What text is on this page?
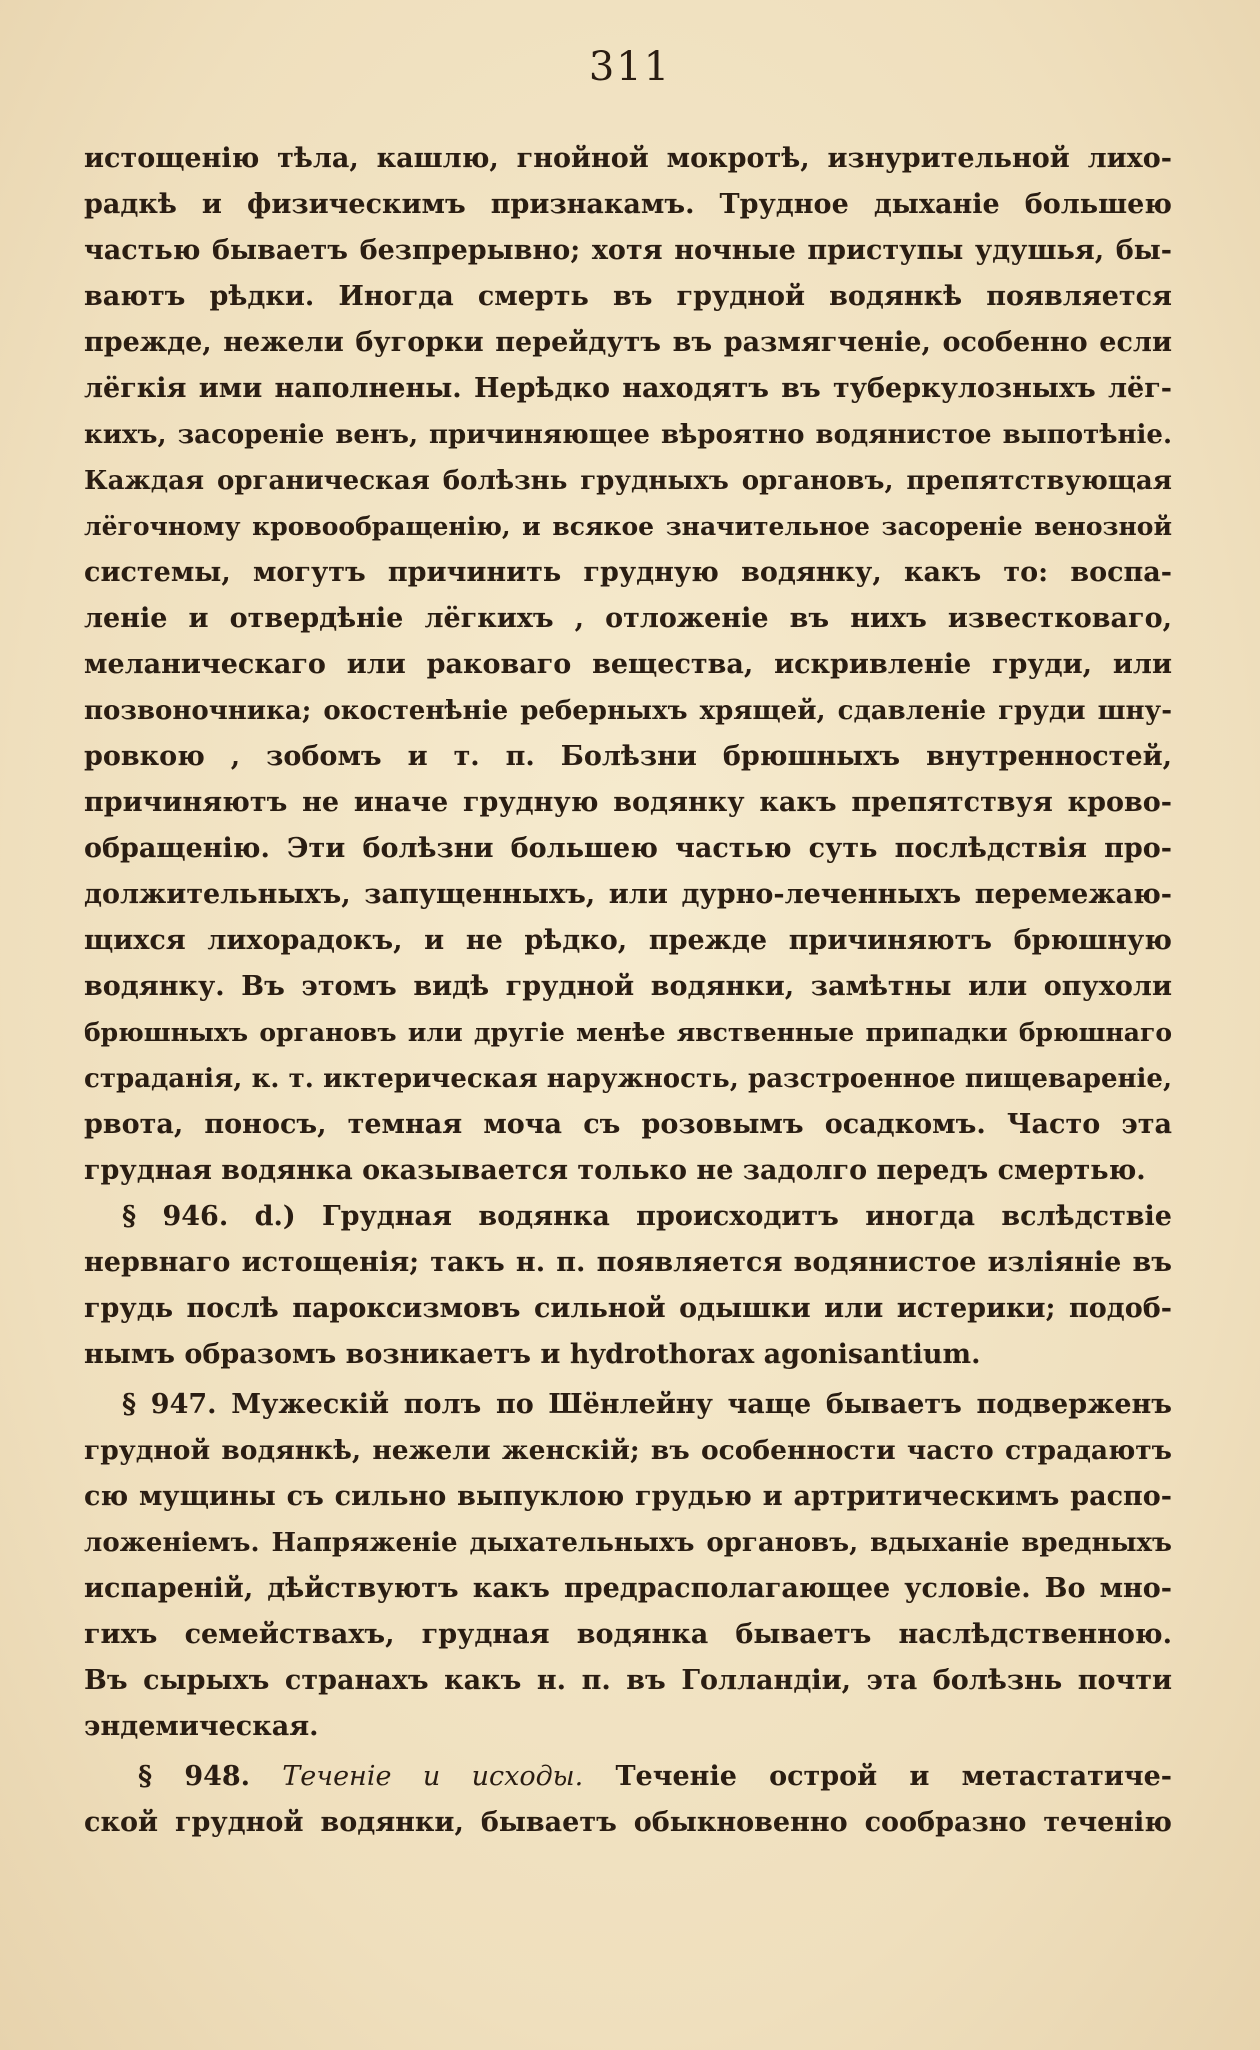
311
истощенію тѣла, кашлю, гнойной мокротѣ, изнурительной лихо-
радкѣ и физическимъ признакамъ. Трудное дыханіе большею
частью бываетъ безпрерывно; хотя ночные приступы удушья, бы-
ваютъ рѣдки. Иногда смерть въ грудной водянкѣ появляется
прежде, нежели бугорки перейдутъ въ размягченіе, особенно если
лёгкія ими наполнены. Нерѣдко находятъ въ туберкулозныхъ лёг-
кихъ, засореніе венъ, причиняющее вѣроятно водянистое выпотѣніе.
Каждая органическая болѣзнь грудныхъ органовъ, препятствующая
лёгочному кровообращенію, и всякое значительное засореніе венозной
системы, могутъ причинить грудную водянку, какъ то: воспа-
леніе и отвердѣніе лёгкихъ , отложеніе въ нихъ известковаго,
меланическаго или раковаго вещества, искривленіе груди, или
позвоночника; окостенѣніе реберныхъ хрящей, сдавленіе груди шну-
ровкою , зобомъ и т. п. Болѣзни брюшныхъ внутренностей,
причиняютъ не иначе грудную водянку какъ препятствуя крово-
обращенію. Эти болѣзни большею частью суть послѣдствія про-
должительныхъ, запущенныхъ, или дурно-леченныхъ перемежаю-
щихся лихорадокъ, и не рѣдко, прежде причиняютъ брюшную
водянку. Въ этомъ видѣ грудной водянки, замѣтны или опухоли
брюшныхъ органовъ или другіе менѣе явственные припадки брюшнаго
страданія, к. т. иктерическая наружность, разстроенное пищевареніе,
рвота, поносъ, темная моча съ розовымъ осадкомъ. Часто эта
грудная водянка оказывается только не задолго передъ смертью.
§ 946. d.) Грудная водянка происходитъ иногда вслѣдствіе
нервнаго истощенія; такъ н. п. появляется водянистое изліяніе въ
грудь послѣ пароксизмовъ сильной одышки или истерики; подоб-
нымъ образомъ возникаетъ и hydrothorax agonisantium.
§ 947. Мужескій полъ по Шёнлейну чаще бываетъ подверженъ
грудной водянкѣ, нежели женскій; въ особенности часто страдаютъ
сю мущины съ сильно выпуклою грудью и артритическимъ распо-
ложеніемъ. Напряженіе дыхательныхъ органовъ, вдыханіе вредныхъ
испареній, дѣйствуютъ какъ предрасполагающее условіе. Во мно-
гихъ семействахъ, грудная водянка бываетъ наслѣдственною.
Въ сырыхъ странахъ какъ н. п. въ Голландіи, эта болѣзнь почти
эндемическая.
§ 948. Теченіе и исходы. Теченіе острой и метастатиче-
ской грудной водянки, бываетъ обыкновенно сообразно теченію
